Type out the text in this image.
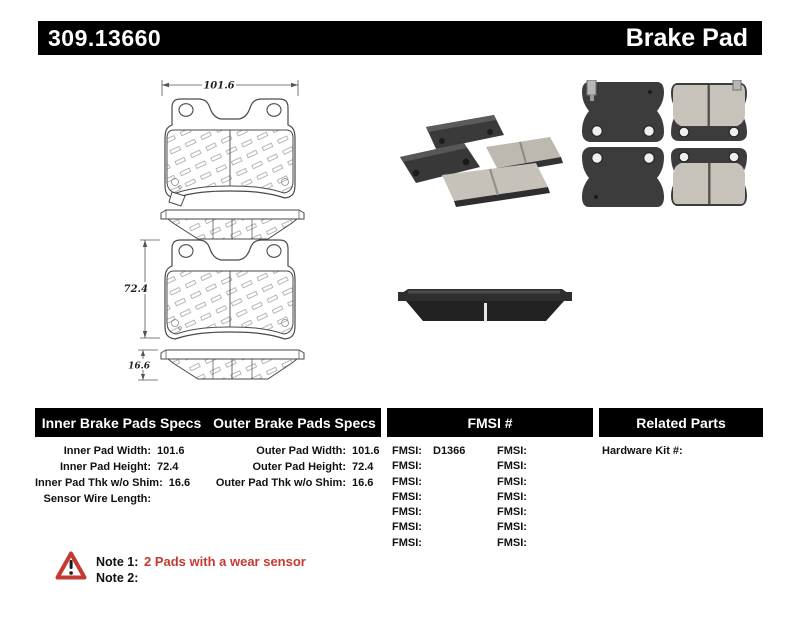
309.13660	Brake Pad
101.6
72.4
16.6
Inner Brake Pads Specs Outer Brake Pads Specs	FMSI #	Related Parts
Inner Pad Width: 101.6
Inner Pad Height: 72.4
Inner Pad Thk w/o Shim: 16.6
Sensor Wire Length:
Outer Pad Width: 101.6
Outer Pad Height: 72.4
Outer Pad Thk w/o Shim: 16.6
FMSI:	D1366
FMSI:
FMSI:
FMSI:
FMSI:
FMSI:
FMSI:
FMSI:
FMSI:
FMSI:
FMSI:
FMSI:
FMSI:
FMSI:
Hardware Kit #:
Note 1: 2 Pads with a wear sensor
Note 2:
